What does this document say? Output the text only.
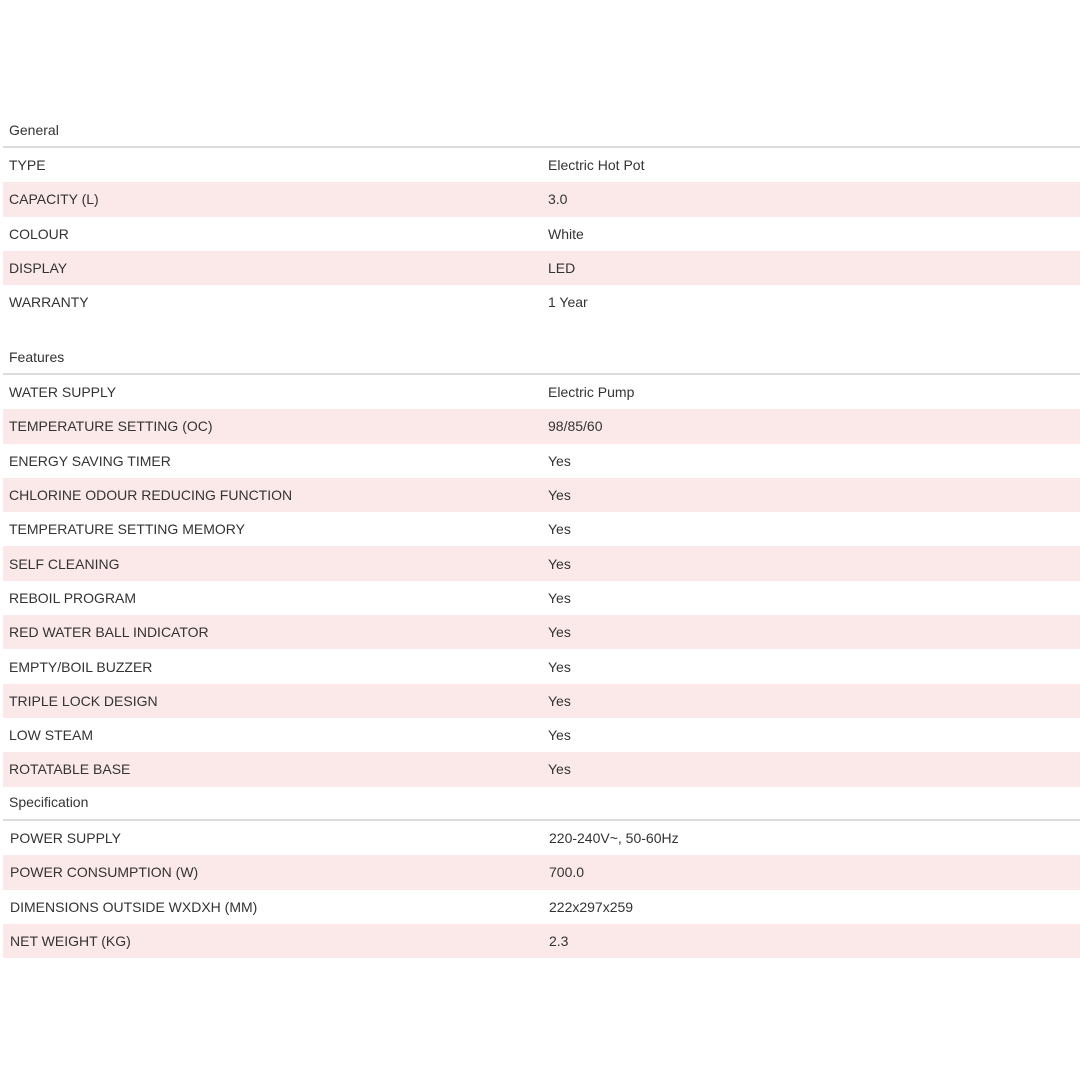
General
TYPE	Electric Hot Pot
CAPACITY (L)	3.0
COLOUR	White
DISPLAY	LED
WARRANTY	1 Year
Features
WATER SUPPLY	Electric Pump
TEMPERATURE SETTING (OC)	98/85/60
ENERGY SAVING TIMER	Yes
CHLORINE ODOUR REDUCING FUNCTION	Yes
TEMPERATURE SETTING MEMORY	Yes
SELF CLEANING	Yes
REBOIL PROGRAM	Yes
RED WATER BALL INDICATOR	Yes
EMPTY/BOIL BUZZER	Yes
TRIPLE LOCK DESIGN	Yes
LOW STEAM	Yes
ROTATABLE BASE	Yes
Specification
POWER SUPPLY	220-240V~, 50-60Hz
POWER CONSUMPTION (W)	700.0
DIMENSIONS OUTSIDE WXDXH (MM)	222x297x259
NET WEIGHT (KG)	2.3
